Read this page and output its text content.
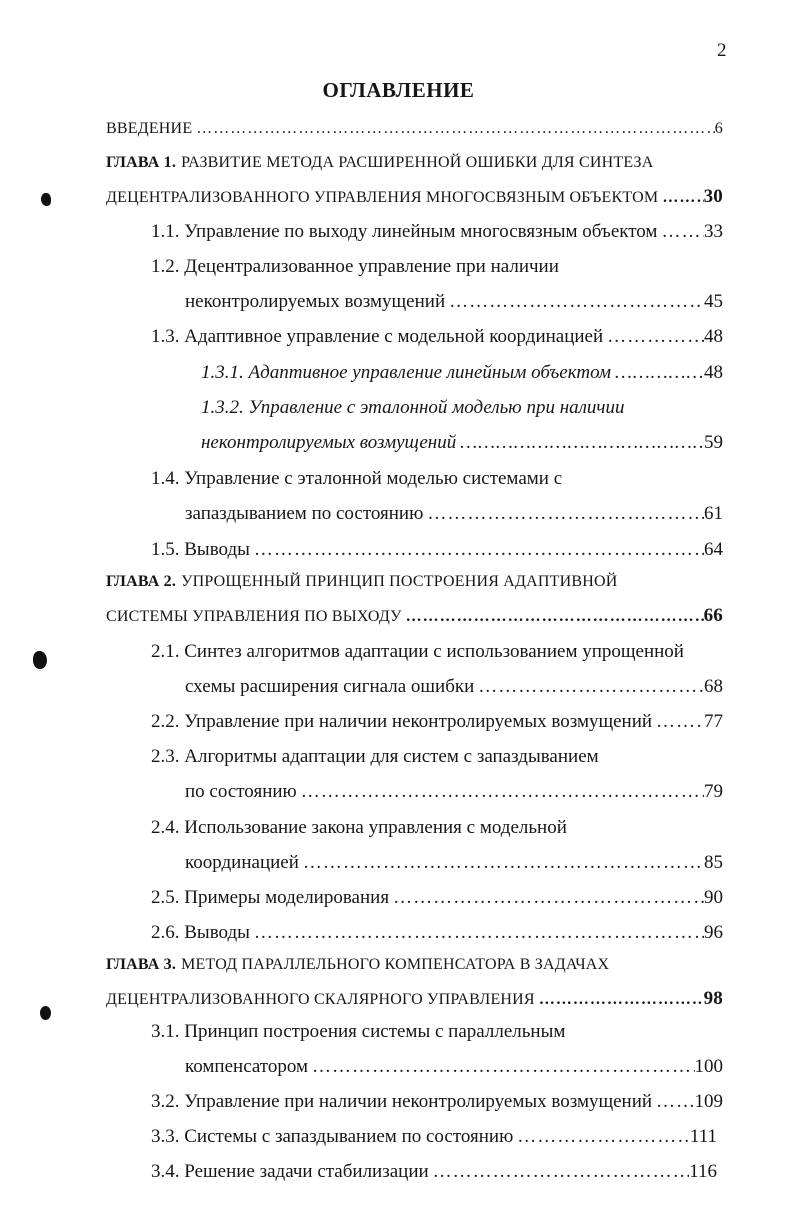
2
ОГЛАВЛЕНИЕ
ВВЕДЕНИЕ ……………………………………………………………………………………………………………………………………………………………	6
ГЛАВА 1. РАЗВИТИЕ МЕТОДА РАСШИРЕННОЙ ОШИБКИ ДЛЯ СИНТЕЗА
ДЕЦЕНТРАЛИЗОВАННОГО УПРАВЛЕНИЯ МНОГОСВЯЗНЫМ ОБЪЕКТОМ …………………………………………………………………………………………………………………………………………………………… 30
1.1. Управление по выходу линейным многосвязным объектом …………………………………………………………………………………………………………………………………………………………… 33
1.2. Децентрализованное управление при наличии
неконтролируемых возмущений ……………………………………………………………………………………………………………………………………………………………	45
1.3. Адаптивное управление с модельной координацией ……………………………………………………………………………………………………………………………………………………………	48
1.3.1. Адаптивное управление линейным объектом ……………………………………………………………………………………………………………………………………………………………	48
1.3.2. Управление с эталонной моделью при наличии
неконтролируемых возмущений ……………………………………………………………………………………………………………………………………………………………	59
1.4. Управление с эталонной моделью системами с
запаздыванием по состоянию ……………………………………………………………………………………………………………………………………………………………	61
1.5. Выводы ……………………………………………………………………………………………………………………………………………………………	64
ГЛАВА 2. УПРОЩЕННЫЙ ПРИНЦИП ПОСТРОЕНИЯ АДАПТИВНОЙ
СИСТЕМЫ УПРАВЛЕНИЯ ПО ВЫХОДУ ……………………………………………………………………………………………………………………………………………………………	66
2.1. Синтез алгоритмов адаптации с использованием упрощенной
схемы расширения сигнала ошибки ……………………………………………………………………………………………………………………………………………………………	68
2.2. Управление при наличии неконтролируемых возмущений ……………………………………………………………………………………………………………………………………………………………	77
2.3. Алгоритмы адаптации для систем с запаздыванием
по состоянию ……………………………………………………………………………………………………………………………………………………………	79
2.4. Использование закона управления с модельной
координацией ……………………………………………………………………………………………………………………………………………………………	85
2.5. Примеры моделирования ……………………………………………………………………………………………………………………………………………………………	90
2.6. Выводы ……………………………………………………………………………………………………………………………………………………………	96
ГЛАВА 3. МЕТОД ПАРАЛЛЕЛЬНОГО КОМПЕНСАТОРА В ЗАДАЧАХ
ДЕЦЕНТРАЛИЗОВАННОГО СКАЛЯРНОГО УПРАВЛЕНИЯ ……………………………………………………………………………………………………………………………………………………………	98
3.1. Принцип построения системы с параллельным
компенсатором ……………………………………………………………………………………………………………………………………………………………	100
3.2. Управление при наличии неконтролируемых возмущений …………………………………………………………………………………………………………………………………………………………… 109
3.3. Системы с запаздыванием по состоянию ……………………………………………………………………………………………………………………………………………………………	111
3.4. Решение задачи стабилизации ……………………………………………………………………………………………………………………………………………………………	116
